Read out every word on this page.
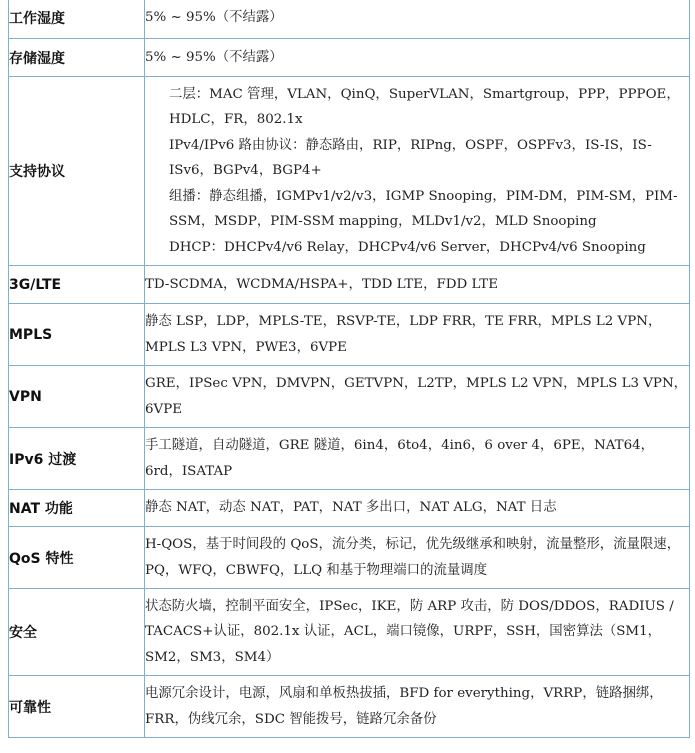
工作湿度	5% ~ 95%（不结露）
存储湿度	5% ~ 95%（不结露）
支持协议	二层：MAC 管理，VLAN，QinQ，SuperVLAN，Smartgroup，PPP，PPPOE，HDLC，FR，802.1x
IPv4/IPv6 路由协议：静态路由，RIP，RIPng，OSPF，OSPFv3，IS-IS，IS-ISv6，BGPv4，BGP4+
组播：静态组播，IGMPv1/v2/v3，IGMP Snooping，PIM-DM，PIM-SM，PIM-SSM，MSDP，PIM-SSM mapping，MLDv1/v2，MLD Snooping
DHCP：DHCPv4/v6 Relay，DHCPv4/v6 Server，DHCPv4/v6 Snooping
3G/LTE	TD-SCDMA，WCDMA/HSPA+，TDD LTE，FDD LTE
MPLS	静态 LSP，LDP，MPLS-TE，RSVP-TE，LDP FRR，TE FRR，MPLS L2 VPN，MPLS L3 VPN，PWE3，6VPE
VPN	GRE，IPSec VPN，DMVPN，GETVPN，L2TP，MPLS L2 VPN，MPLS L3 VPN，6VPE
IPv6 过渡	手工隧道，自动隧道，GRE 隧道，6in4，6to4，4in6，6 over 4，6PE，NAT64，6rd，ISATAP
NAT 功能	静态 NAT，动态 NAT，PAT，NAT 多出口，NAT ALG，NAT 日志
QoS 特性	H-QOS，基于时间段的 QoS，流分类，标记，优先级继承和映射，流量整形，流量限速，PQ，WFQ，CBWFQ，LLQ 和基于物理端口的流量调度
安全	状态防火墙，控制平面安全，IPSec，IKE，防 ARP 攻击，防 DOS/DDOS，RADIUS / TACACS+认证，802.1x 认证，ACL，端口镜像，URPF，SSH，国密算法（SM1，SM2，SM3，SM4）
可靠性	电源冗余设计，电源，风扇和单板热拔插，BFD for everything，VRRP，链路捆绑，FRR，伪线冗余，SDC 智能拨号，链路冗余备份
